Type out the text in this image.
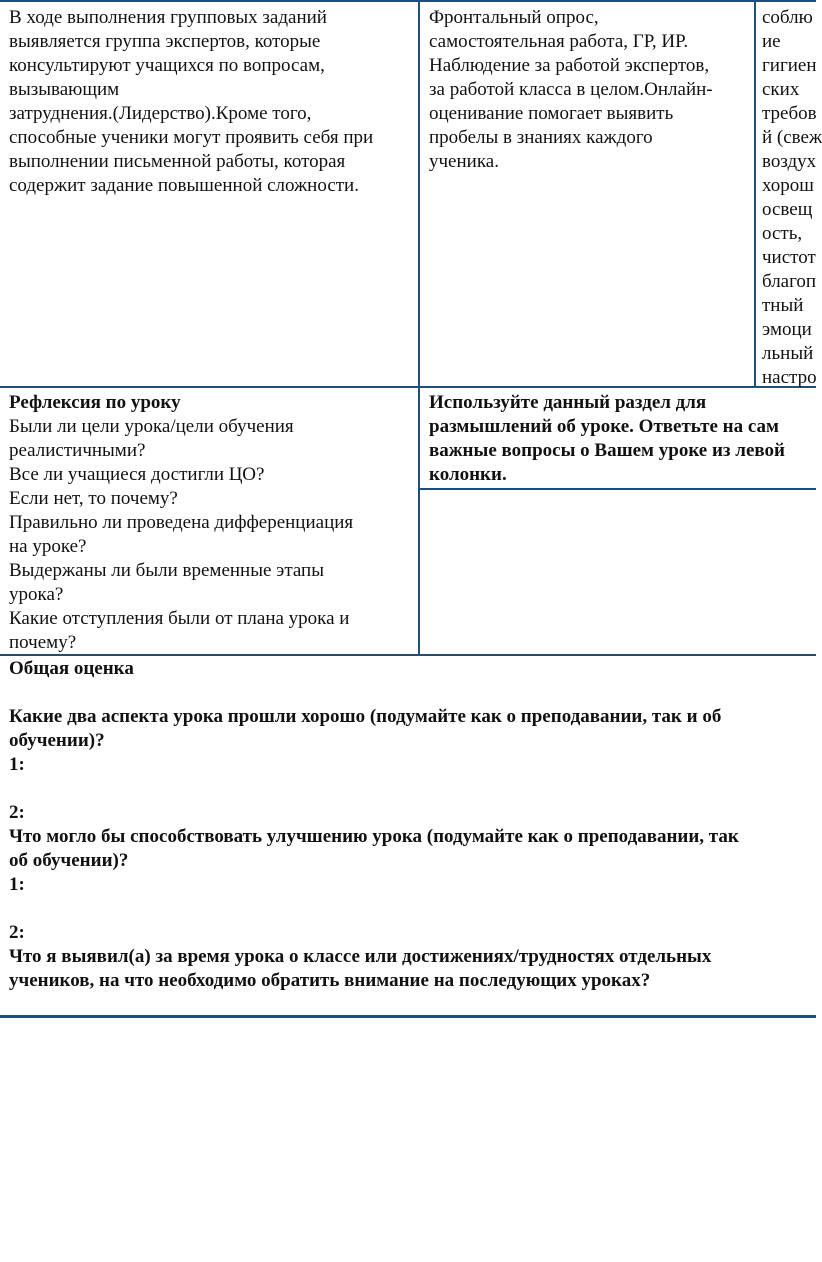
В ходе выполнения групповых заданий

выявляется группа экспертов, которые

консультируют учащихся по вопросам,

вызывающим

затруднения.(Лидерство).Кроме того,

способные ученики могут проявить себя при

выполнении письменной работы, которая

содержит задание повышенной сложности.

Фронтальный опрос,

самостоятельная работа, ГР, ИР.

Наблюдение за работой экспертов,

за работой класса в целом.Онлайн-

оценивание помогает выявить

пробелы в знаниях каждого

ученика.

соблю

ие

гигиен

ских

требов

й (свеж

воздух

хорош

освещ

ость,

чистот

благоп

тный

эмоци

льный

настро

Рефлексия по уроку

Были ли цели урока/цели обучения

реалистичными?

Все ли учащиеся достигли ЦО?

Если нет, то почему?

Правильно ли проведена дифференциация

на уроке?

Выдержаны ли были временные этапы

урока?

Какие отступления были от плана урока и

почему?

Используйте данный раздел для

размышлений об уроке. Ответьте на сам

важные вопросы о Вашем уроке из левой

колонки.

Общая оценка

Какие два аспекта урока прошли хорошо (подумайте как о преподавании, так и об

обучении)?

1:

2:

Что могло бы способствовать улучшению урока (подумайте как о преподавании, так

об обучении)?

1:

2:

Что я выявил(а) за время урока о классе или достижениях/трудностях отдельных

учеников, на что необходимо обратить внимание на последующих уроках?
